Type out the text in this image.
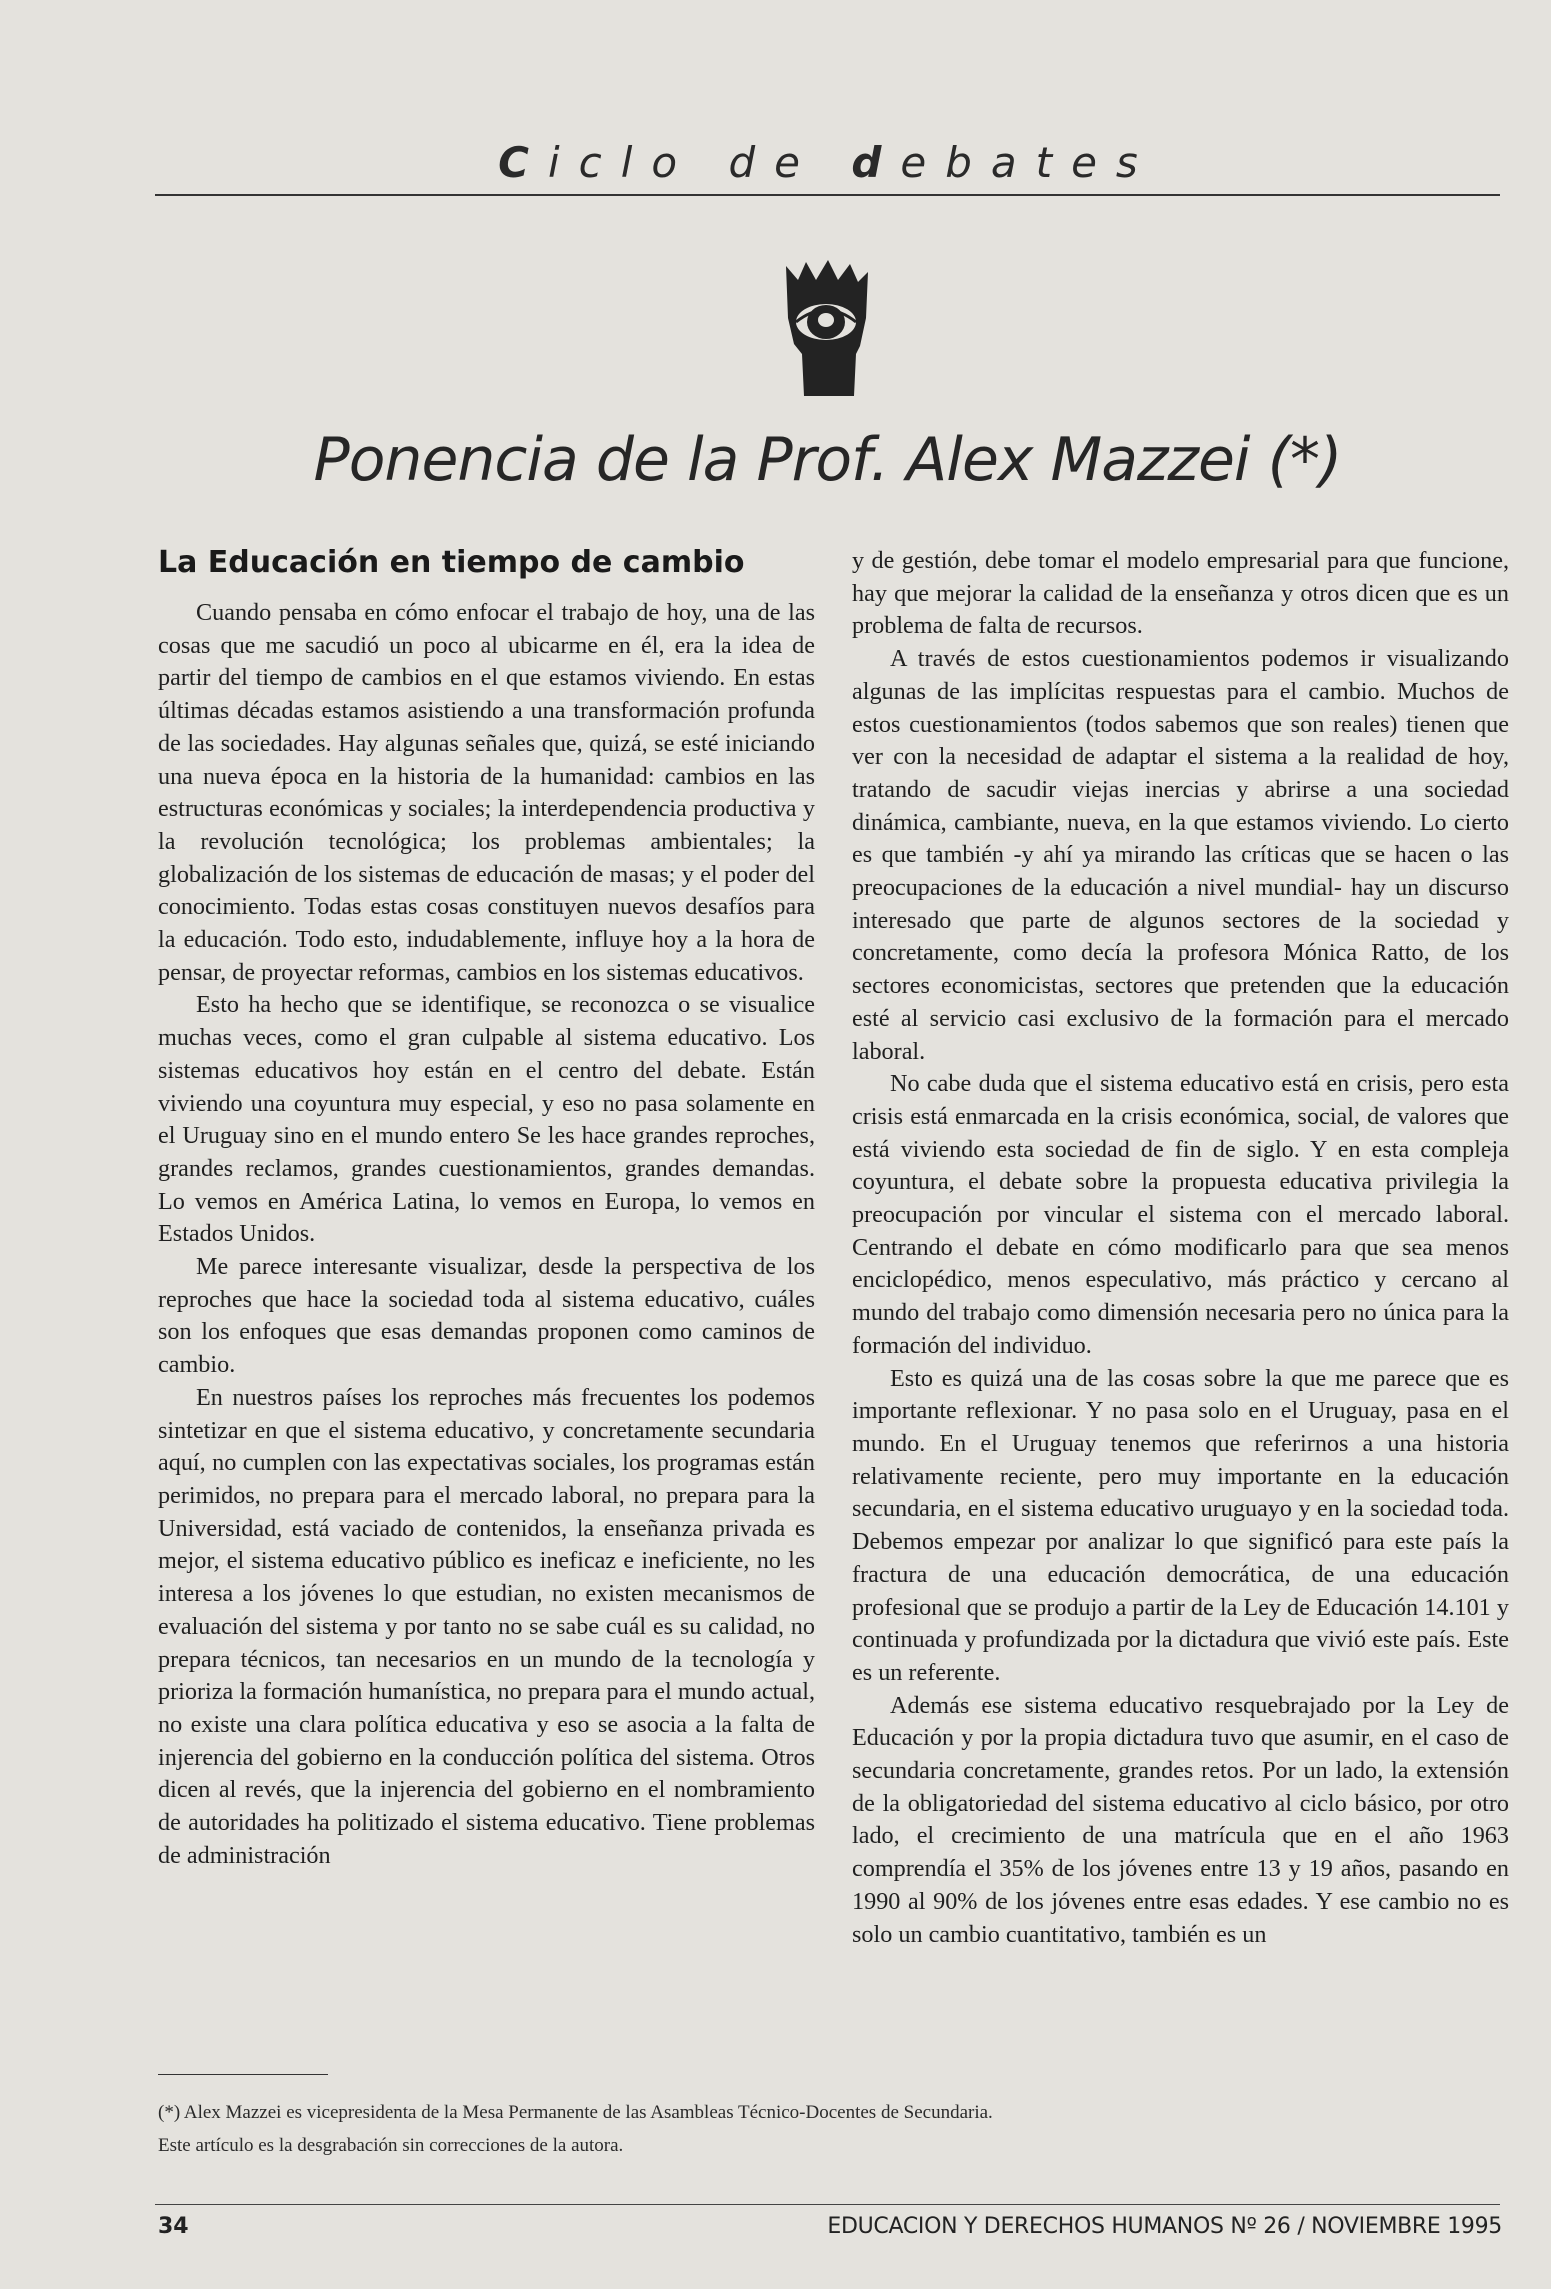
Ciclo de debates
Ponencia de la Prof. Alex Mazzei (*)
La Educación en tiempo de cambio

Cuando pensaba en cómo enfocar el trabajo de hoy, una de las cosas que me sacudió un poco al ubicarme en él, era la idea de partir del tiempo de cambios en el que estamos viviendo. En estas últimas décadas estamos asistiendo a una transformación profunda de las sociedades. Hay algunas señales que, quizá, se esté iniciando una nueva época en la historia de la humanidad: cambios en las estructuras económicas y sociales; la interdependencia productiva y la revolución tecnológica; los problemas ambientales; la globalización de los sistemas de educación de masas; y el poder del conocimiento. Todas estas cosas constituyen nuevos desafíos para la educación. Todo esto, indudablemente, influye hoy a la hora de pensar, de proyectar reformas, cambios en los sistemas educativos.

Esto ha hecho que se identifique, se reconozca o se visualice muchas veces, como el gran culpable al sistema educativo. Los sistemas educativos hoy están en el centro del debate. Están viviendo una coyuntura muy especial, y eso no pasa solamente en el Uruguay sino en el mundo entero Se les hace grandes reproches, grandes reclamos, grandes cuestionamientos, grandes demandas. Lo vemos en América Latina, lo vemos en Europa, lo vemos en Estados Unidos.

Me parece interesante visualizar, desde la perspectiva de los reproches que hace la sociedad toda al sistema educativo, cuáles son los enfoques que esas demandas proponen como caminos de cambio.

En nuestros países los reproches más frecuentes los podemos sintetizar en que el sistema educativo, y concretamente secundaria aquí, no cumplen con las expectativas sociales, los programas están perimidos, no prepara para el mercado laboral, no prepara para la Universidad, está vaciado de contenidos, la enseñanza privada es mejor, el sistema educativo público es ineficaz e ineficiente, no les interesa a los jóvenes lo que estudian, no existen mecanismos de evaluación del sistema y por tanto no se sabe cuál es su calidad, no prepara técnicos, tan necesarios en un mundo de la tecnología y prioriza la formación humanística, no prepara para el mundo actual, no existe una clara política educativa y eso se asocia a la falta de injerencia del gobierno en la conducción política del sistema. Otros dicen al revés, que la injerencia del gobierno en el nombramiento de autoridades ha politizado el sistema educativo. Tiene problemas de administración

y de gestión, debe tomar el modelo empresarial para que funcione, hay que mejorar la calidad de la enseñanza y otros dicen que es un problema de falta de recursos.

A través de estos cuestionamientos podemos ir visualizando algunas de las implícitas respuestas para el cambio. Muchos de estos cuestionamientos (todos sabemos que son reales) tienen que ver con la necesidad de adaptar el sistema a la realidad de hoy, tratando de sacudir viejas inercias y abrirse a una sociedad dinámica, cambiante, nueva, en la que estamos viviendo. Lo cierto es que también -y ahí ya mirando las críticas que se hacen o las preocupaciones de la educación a nivel mundial- hay un discurso interesado que parte de algunos sectores de la sociedad y concretamente, como decía la profesora Mónica Ratto, de los sectores economicistas, sectores que pretenden que la educación esté al servicio casi exclusivo de la formación para el mercado laboral.

No cabe duda que el sistema educativo está en crisis, pero esta crisis está enmarcada en la crisis económica, social, de valores que está viviendo esta sociedad de fin de siglo. Y en esta compleja coyuntura, el debate sobre la propuesta educativa privilegia la preocupación por vincular el sistema con el mercado laboral. Centrando el debate en cómo modificarlo para que sea menos enciclopédico, menos especulativo, más práctico y cercano al mundo del trabajo como dimensión necesaria pero no única para la formación del individuo.

Esto es quizá una de las cosas sobre la que me parece que es importante reflexionar. Y no pasa solo en el Uruguay, pasa en el mundo. En el Uruguay tenemos que referirnos a una historia relativamente reciente, pero muy importante en la educación secundaria, en el sistema educativo uruguayo y en la sociedad toda. Debemos empezar por analizar lo que significó para este país la fractura de una educación democrática, de una educación profesional que se produjo a partir de la Ley de Educación 14.101 y continuada y profundizada por la dictadura que vivió este país. Este es un referente.

Además ese sistema educativo resquebrajado por la Ley de Educación y por la propia dictadura tuvo que asumir, en el caso de secundaria concretamente, grandes retos. Por un lado, la extensión de la obligatoriedad del sistema educativo al ciclo básico, por otro lado, el crecimiento de una matrícula que en el año 1963 comprendía el 35% de los jóvenes entre 13 y 19 años, pasando en 1990 al 90% de los jóvenes entre esas edades. Y ese cambio no es solo un cambio cuantitativo, también es un

(*) Alex Mazzei es vicepresidenta de la Mesa Permanente de las Asambleas Técnico-Docentes de Secundaria.
Este artículo es la desgrabación sin correcciones de la autora.
34	EDUCACION Y DERECHOS HUMANOS Nº 26 / NOVIEMBRE 1995
